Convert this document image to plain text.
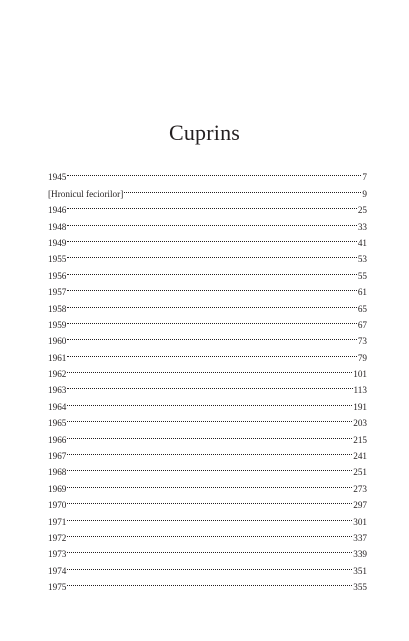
Cuprins
1945	7
[Hronicul feciorilor]	9
1946	25
1948	33
1949	41
1955	53
1956	55
1957	61
1958	65
1959	67
1960	73
1961	79
1962	101
1963	113
1964	191
1965	203
1966	215
1967	241
1968	251
1969	273
1970	297
1971	301
1972	337
1973	339
1974	351
1975	355
